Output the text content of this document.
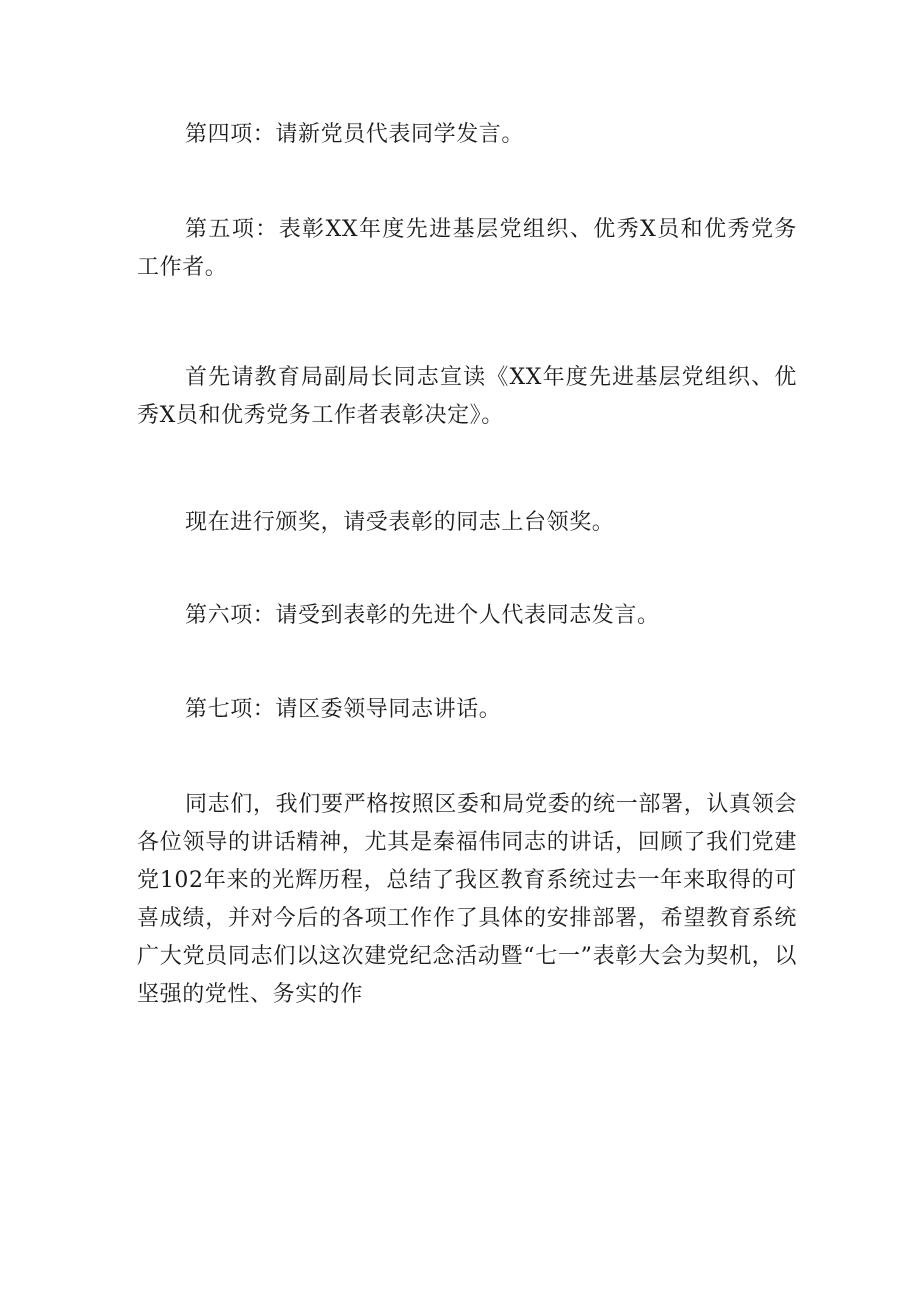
第四项：请新党员代表同学发言。

第五项：表彰XX年度先进基层党组织、优秀X员和优秀党务工作者。

首先请教育局副局长同志宣读《XX年度先进基层党组织、优秀X员和优秀党务工作者表彰决定》。

现在进行颁奖，请受表彰的同志上台领奖。

第六项：请受到表彰的先进个人代表同志发言。

第七项：请区委领导同志讲话。

同志们，我们要严格按照区委和局党委的统一部署，认真领会各位领导的讲话精神，尤其是秦福伟同志的讲话，回顾了我们党建党102年来的光辉历程，总结了我区教育系统过去一年来取得的可喜成绩，并对今后的各项工作作了具体的安排部署，希望教育系统广大党员同志们以这次建党纪念活动暨“七一”表彰大会为契机，以坚强的党性、务实的作
